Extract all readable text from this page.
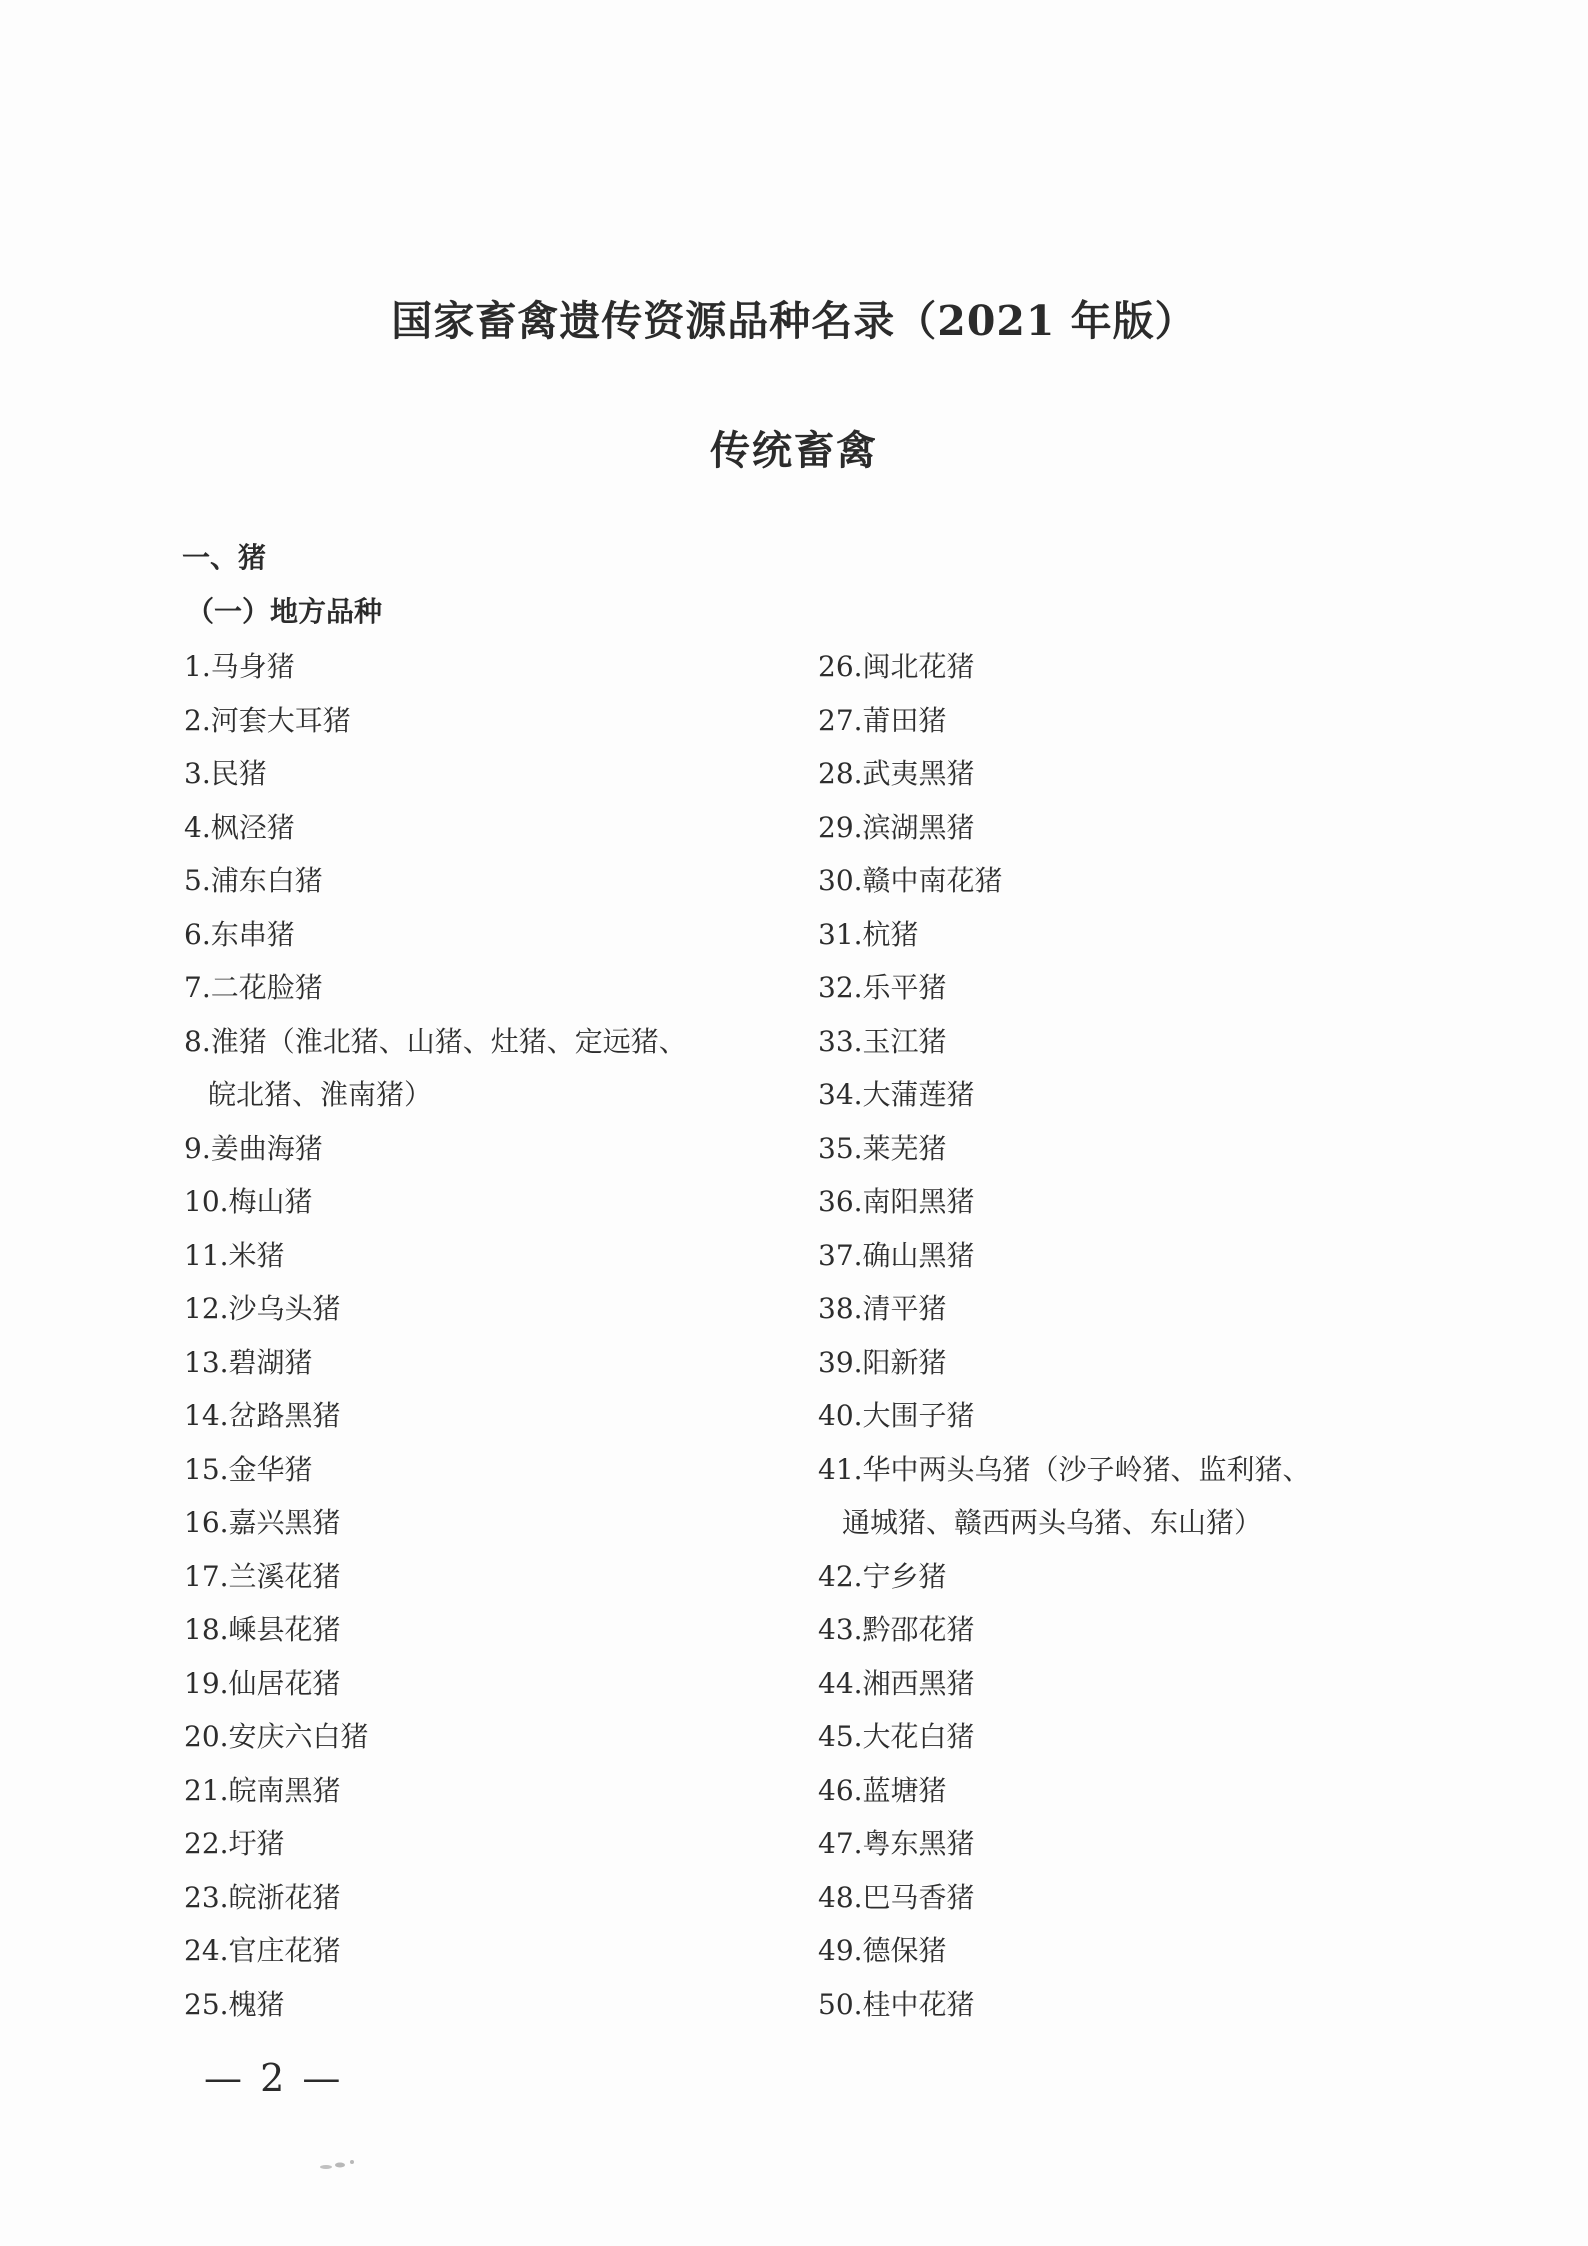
国家畜禽遗传资源品种名录（2021 年版）
传统畜禽
一、猪
（一）地方品种
1.马身猪
2.河套大耳猪
3.民猪
4.枫泾猪
5.浦东白猪
6.东串猪
7.二花脸猪
8.淮猪（淮北猪、山猪、灶猪、定远猪、
皖北猪、淮南猪）
9.姜曲海猪
10.梅山猪
11.米猪
12.沙乌头猪
13.碧湖猪
14.岔路黑猪
15.金华猪
16.嘉兴黑猪
17.兰溪花猪
18.嵊县花猪
19.仙居花猪
20.安庆六白猪
21.皖南黑猪
22.圩猪
23.皖浙花猪
24.官庄花猪
25.槐猪
26.闽北花猪
27.莆田猪
28.武夷黑猪
29.滨湖黑猪
30.赣中南花猪
31.杭猪
32.乐平猪
33.玉江猪
34.大蒲莲猪
35.莱芜猪
36.南阳黑猪
37.确山黑猪
38.清平猪
39.阳新猪
40.大围子猪
41.华中两头乌猪（沙子岭猪、监利猪、
通城猪、赣西两头乌猪、东山猪）
42.宁乡猪
43.黔邵花猪
44.湘西黑猪
45.大花白猪
46.蓝塘猪
47.粤东黑猪
48.巴马香猪
49.德保猪
50.桂中花猪
— 2 —
